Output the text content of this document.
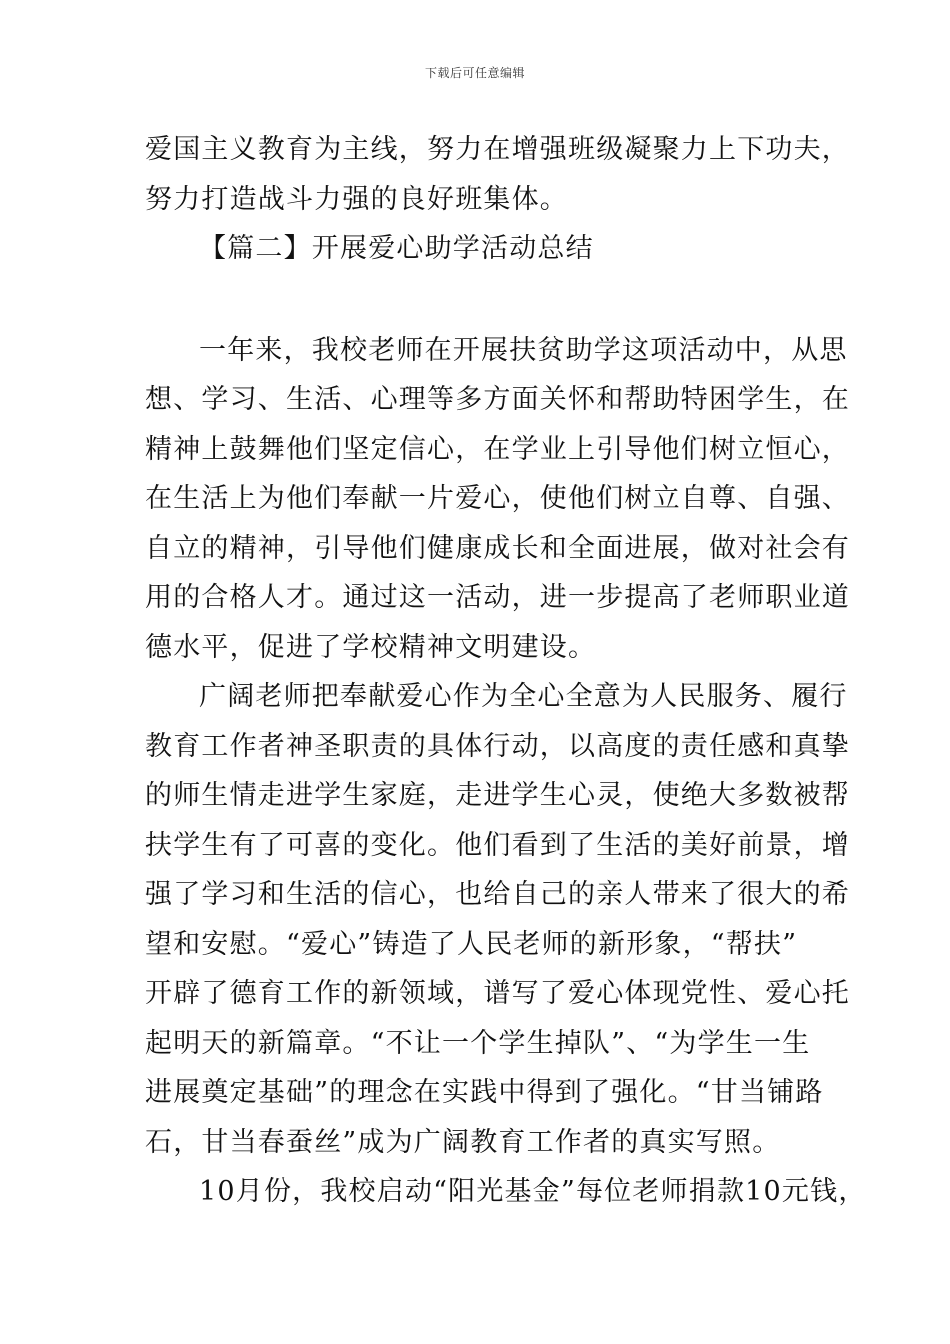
下载后可任意编辑
爱国主义教育为主线，努力在增强班级凝聚力上下功夫，
努力打造战斗力强的良好班集体。
【篇二】开展爱心助学活动总结
一年来，我校老师在开展扶贫助学这项活动中，从思
想、学习、生活、心理等多方面关怀和帮助特困学生，在
精神上鼓舞他们坚定信心，在学业上引导他们树立恒心，
在生活上为他们奉献一片爱心，使他们树立自尊、自强、
自立的精神，引导他们健康成长和全面进展，做对社会有
用的合格人才。通过这一活动，进一步提高了老师职业道
德水平，促进了学校精神文明建设。
广阔老师把奉献爱心作为全心全意为人民服务、履行
教育工作者神圣职责的具体行动，以高度的责任感和真挚
的师生情走进学生家庭，走进学生心灵，使绝大多数被帮
扶学生有了可喜的变化。他们看到了生活的美好前景，增
强了学习和生活的信心，也给自己的亲人带来了很大的希
望和安慰。“爱心”铸造了人民老师的新形象，“帮扶”
开辟了德育工作的新领域，谱写了爱心体现党性、爱心托
起明天的新篇章。“不让一个学生掉队”、“为学生一生
进展奠定基础”的理念在实践中得到了强化。“甘当铺路
石，甘当春蚕丝”成为广阔教育工作者的真实写照。
10月份，我校启动“阳光基金”每位老师捐款10元钱，
